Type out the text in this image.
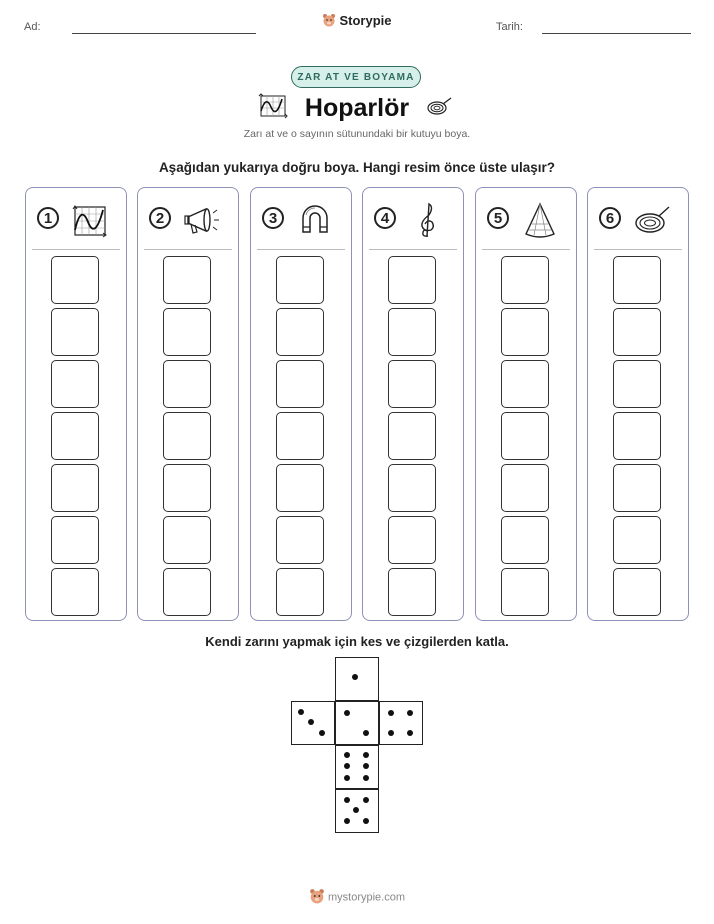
Ad:	Storypie	Tarih:
ZAR AT VE BOYAMA
Hoparlör
Zarı at ve o sayının sütunundaki bir kutuyu boya.
Aşağıdan yukarıya doğru boya. Hangi resim önce üste ulaşır?
1	2	3	4	5	6
Kendi zarını yapmak için kes ve çizgilerden katla.
mystorypie.com
